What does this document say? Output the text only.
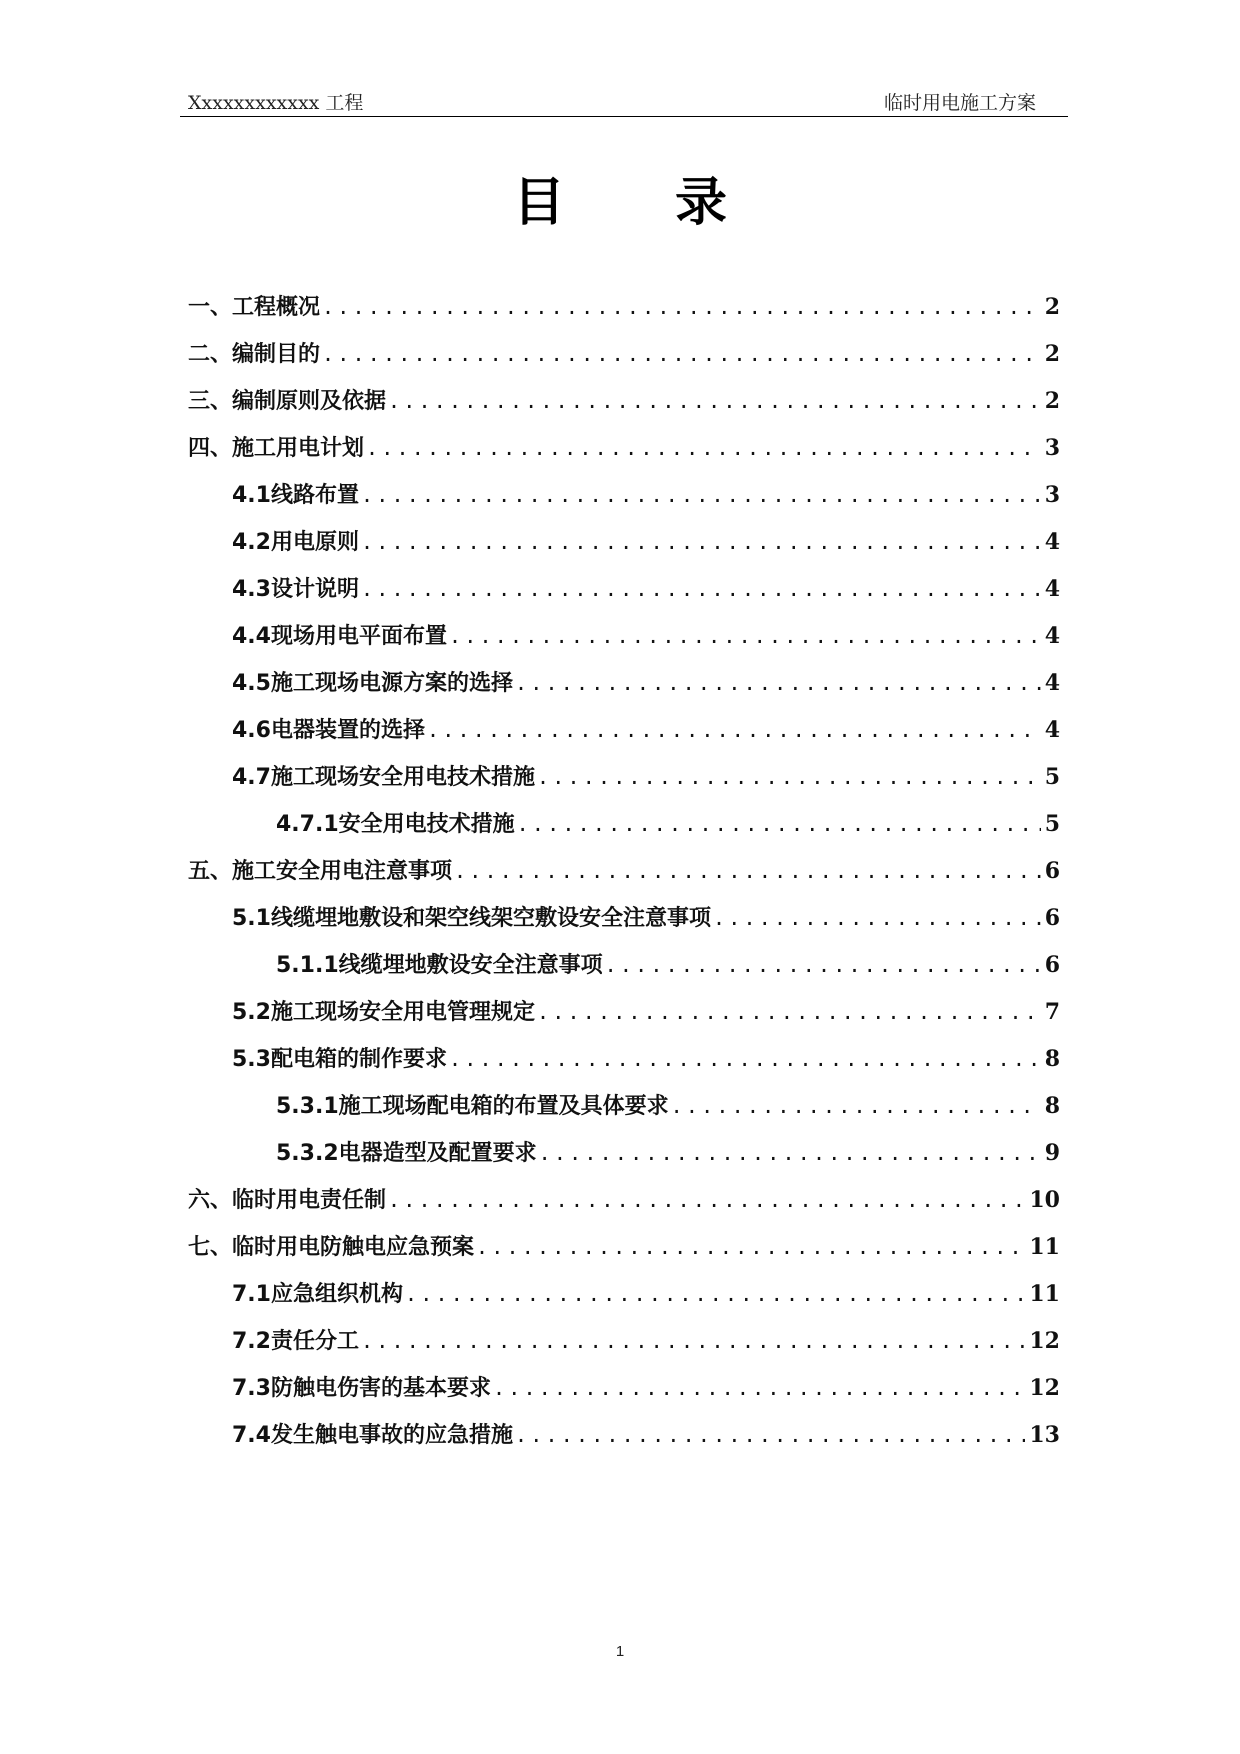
Xxxxxxxxxxxx 工程	临时用电施工方案
目 录
一、工程概况 .....	2
二、编制目的 .....	2
三、编制原则及依据 .....	2
四、施工用电计划 .....	3
4.1线路布置 .....	3
4.2用电原则 .....	4
4.3设计说明 .....	4
4.4现场用电平面布置 .....	4
4.5施工现场电源方案的选择 .....	4
4.6电器装置的选择 .....	4
4.7施工现场安全用电技术措施 .....	5
4.7.1安全用电技术措施 .....	5
五、施工安全用电注意事项 .....	6
5.1线缆埋地敷设和架空线架空敷设安全注意事项 .....	6
5.1.1线缆埋地敷设安全注意事项 .....	6
5.2施工现场安全用电管理规定 .....	7
5.3配电箱的制作要求 .....	8
5.3.1施工现场配电箱的布置及具体要求 .....	8
5.3.2电器造型及配置要求 .....	9
六、临时用电责任制 .....	10
七、临时用电防触电应急预案 .....	11
7.1应急组织机构 .....	11
7.2责任分工 .....	12
7.3防触电伤害的基本要求 .....	12
7.4发生触电事故的应急措施 .....	13
1
